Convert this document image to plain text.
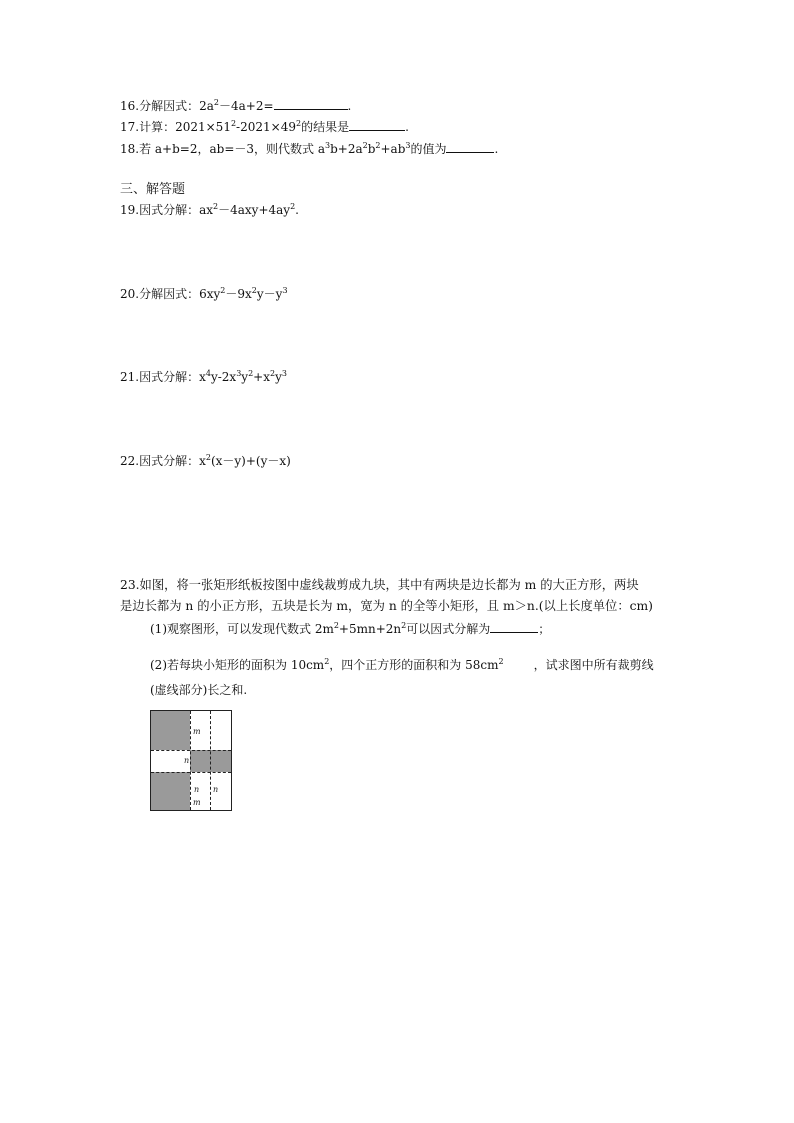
16.分解因式：$2a^2-4a+2=$	.
17.计算：$2021\times 51^2-2021\times 49^2$的结果是	.
18.若 a+b=2，ab=－3，则代数式 $a^3b+2a^2b^2+ab^3$的值为	.
三、解答题
19.因式分解：$ax^2-4axy+4ay^2$.
20.分解因式：$6xy^2-9x^2y-y^3$
21.因式分解：$x^4y-2x^3y^2+x^2y^3$
22.因式分解：$x^2(x-y)+(y-x)$
23.如图，将一张矩形纸板按图中虚线裁剪成九块，其中有两块是边长都为 m 的大正方形，两块
是边长都为 n 的小正方形，五块是长为 m，宽为 n 的全等小矩形，且 m＞n.(以上长度单位：cm)
(1)观察图形，可以发现代数式 $2m^2+5mn+2n^2$可以因式分解为	；
(2)若每块小矩形的面积为 $10cm^2$，四个正方形的面积和为 $58cm^2$	，试求图中所有裁剪线
(虚线部分)长之和.
m
n
n n
m
